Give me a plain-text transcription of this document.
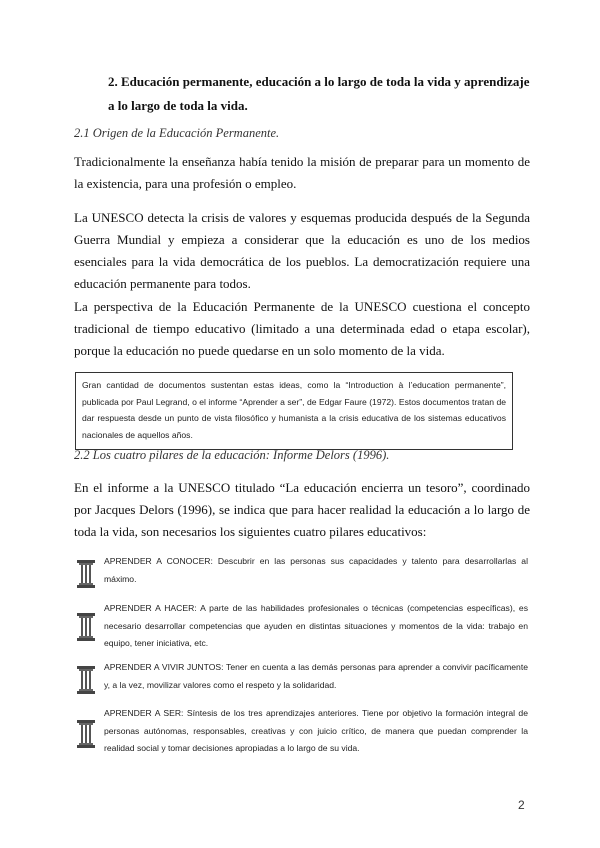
2. Educación permanente, educación a lo largo de toda la vida y aprendizaje a lo largo de toda la vida.
2.1 Origen de la Educación Permanente.
Tradicionalmente la enseñanza había tenido la misión de preparar para un momento de la existencia, para una profesión o empleo.
La UNESCO detecta la crisis de valores y esquemas producida después de la Segunda Guerra Mundial y empieza a considerar que la educación es uno de los medios esenciales para la vida democrática de los pueblos. La democratización requiere una educación permanente para todos.
La perspectiva de la Educación Permanente de la UNESCO cuestiona el concepto tradicional de tiempo educativo (limitado a una determinada edad o etapa escolar), porque la educación no puede quedarse en un solo momento de la vida.
Gran cantidad de documentos sustentan estas ideas, como la “Introduction à l’education permanente”, publicada por Paul Legrand, o el informe “Aprender a ser”, de Edgar Faure (1972). Estos documentos tratan de dar respuesta desde un punto de vista filosófico y humanista a la crisis educativa de los sistemas educativos nacionales de aquellos años.
2.2 Los cuatro pilares de la educación: Informe Delors (1996).
En el informe a la UNESCO titulado “La educación encierra un tesoro”, coordinado por Jacques Delors (1996), se indica que para hacer realidad la educación a lo largo de toda la vida, son necesarios los siguientes cuatro pilares educativos:
APRENDER A CONOCER: Descubrir en las personas sus capacidades y talento para desarrollarlas al máximo.
APRENDER A HACER: A parte de las habilidades profesionales o técnicas (competencias específicas), es necesario desarrollar competencias que ayuden en distintas situaciones y momentos de la vida: trabajo en equipo, tener iniciativa, etc.
APRENDER A VIVIR JUNTOS: Tener en cuenta a las demás personas para aprender a convivir pacíficamente y, a la vez, movilizar valores como el respeto y la solidaridad.
APRENDER A SER: Síntesis de los tres aprendizajes anteriores. Tiene por objetivo la formación integral de personas autónomas, responsables, creativas y con juicio crítico, de manera que puedan comprender la realidad social y tomar decisiones apropiadas a lo largo de su vida.
2
